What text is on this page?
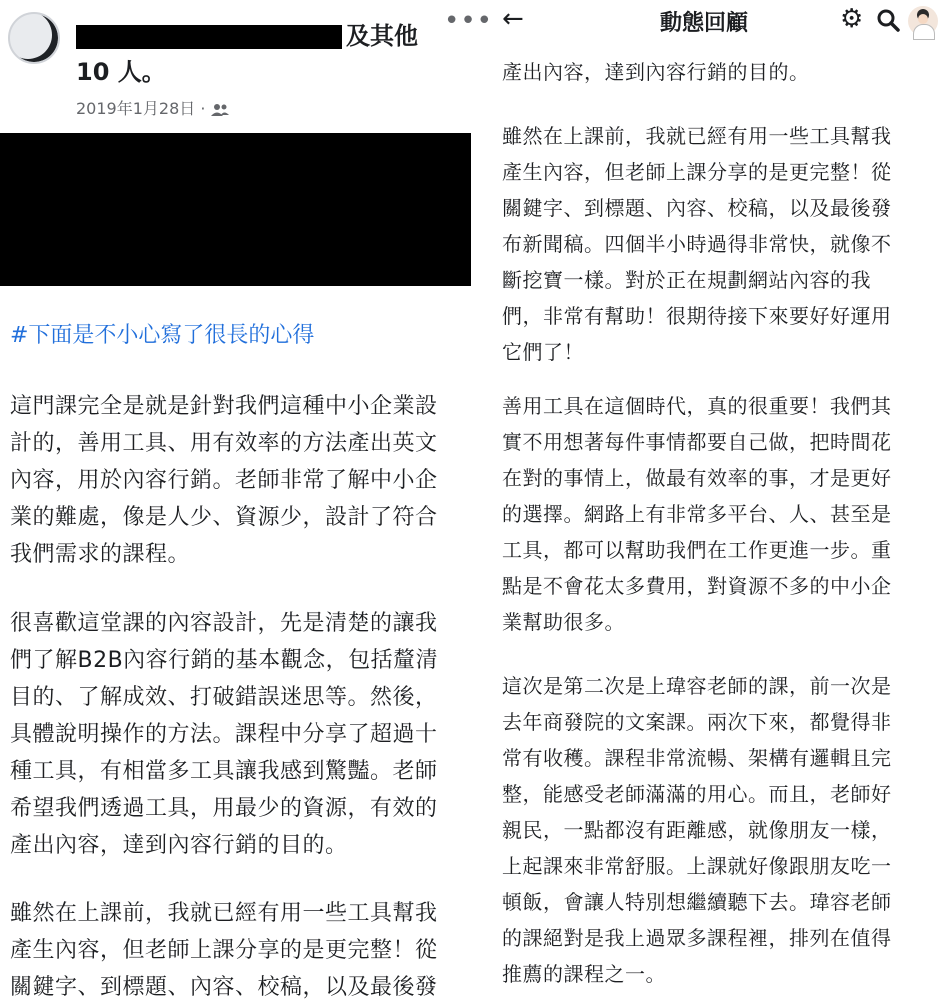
及其他
10 人。
•••
2019年1月28日 ·
#下面是不小心寫了很長的心得

這門課完全是就是針對我們這種中小企業設
計的，善用工具、用有效率的方法產出英文
內容，用於內容行銷。老師非常了解中小企
業的難處，像是人少、資源少，設計了符合
我們需求的課程。

很喜歡這堂課的內容設計，先是清楚的讓我
們了解B2B內容行銷的基本觀念，包括釐清
目的、了解成效、打破錯誤迷思等。然後，
具體說明操作的方法。課程中分享了超過十
種工具，有相當多工具讓我感到驚豔。老師
希望我們透過工具，用最少的資源，有效的
產出內容，達到內容行銷的目的。

雖然在上課前，我就已經有用一些工具幫我
產生內容，但老師上課分享的是更完整！從
關鍵字、到標題、內容、校稿，以及最後發

←	動態回顧	⚙

產出內容，達到內容行銷的目的。

雖然在上課前，我就已經有用一些工具幫我
產生內容，但老師上課分享的是更完整！從
關鍵字、到標題、內容、校稿，以及最後發
布新聞稿。四個半小時過得非常快，就像不
斷挖寶一樣。對於正在規劃網站內容的我
們，非常有幫助！很期待接下來要好好運用
它們了！

善用工具在這個時代，真的很重要！我們其
實不用想著每件事情都要自己做，把時間花
在對的事情上，做最有效率的事，才是更好
的選擇。網路上有非常多平台、人、甚至是
工具，都可以幫助我們在工作更進一步。重
點是不會花太多費用，對資源不多的中小企
業幫助很多。

這次是第二次是上瑋容老師的課，前一次是
去年商發院的文案課。兩次下來，都覺得非
常有收穫。課程非常流暢、架構有邏輯且完
整，能感受老師滿滿的用心。而且，老師好
親民，一點都沒有距離感，就像朋友一樣，
上起課來非常舒服。上課就好像跟朋友吃一
頓飯，會讓人特別想繼續聽下去。瑋容老師
的課絕對是我上過眾多課程裡，排列在值得
推薦的課程之一。
